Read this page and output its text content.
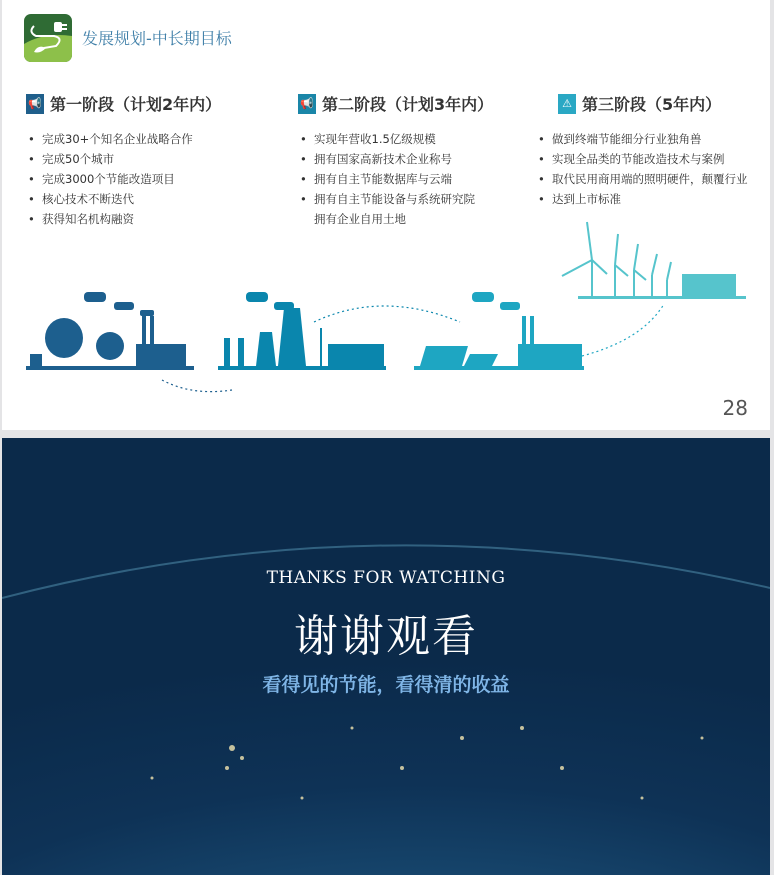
发展规划-中长期目标
📢 第一阶段（计划2年内）
• 完成30+个知名企业战略合作
• 完成50个城市
• 完成3000个节能改造项目
• 核心技术不断迭代
• 获得知名机构融资
📢 第二阶段（计划3年内）
• 实现年营收1.5亿级规模
• 拥有国家高新技术企业称号
• 拥有自主节能数据库与云端
• 拥有自主节能设备与系统研究院
拥有企业自用土地
⚠ 第三阶段（5年内）
• 做到终端节能细分行业独角兽
• 实现全品类的节能改造技术与案例
• 取代民用商用端的照明硬件，颠覆行业
• 达到上市标准
28
THANKS FOR WATCHING
谢谢观看
看得见的节能，看得清的收益
